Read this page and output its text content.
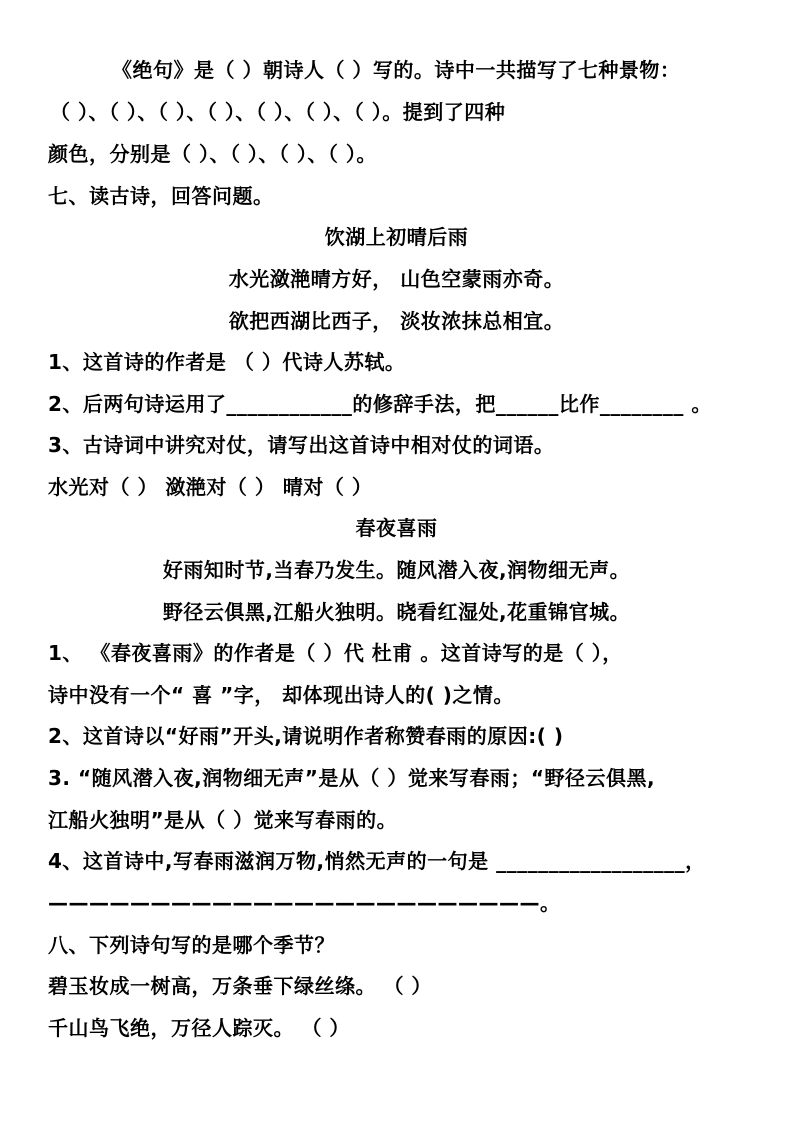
《绝句》是（ ）朝诗人（ ）写的。诗中一共描写了七种景物：
（ ）、（ ）、（ ）、（ ）、（ ）、（ ）、（ ）。提到了四种
颜色，分别是（ ）、（ ）、（ ）、（ ）。
七、读古诗，回答问题。
饮湖上初晴后雨
水光潋滟晴方好， 山色空蒙雨亦奇。
欲把西湖比西子， 淡妆浓抹总相宜。
1、这首诗的作者是 （ ）代诗人苏轼。
2、后两句诗运用了____________的修辞手法，把______比作________ 。
3、古诗词中讲究对仗，请写出这首诗中相对仗的词语。
水光对（ ） 潋滟对（ ） 晴对（ ）
春夜喜雨
好雨知时节,当春乃发生。随风潜入夜,润物细无声。
野径云俱黑,江船火独明。晓看红湿处,花重锦官城。
1、 《春夜喜雨》的作者是（ ）代 杜甫 。这首诗写的是（ ），
诗中没有一个“ 喜 ”字， 却体现出诗人的( )之情。
2、这首诗以“好雨”开头,请说明作者称赞春雨的原因:( )
3. “随风潜入夜,润物细无声”是从（ ）觉来写春雨；“野径云俱黑,
江船火独明”是从（ ）觉来写春雨的。
4、这首诗中,写春雨滋润万物,悄然无声的一句是 __________________，
————————————————————————。
八、下列诗句写的是哪个季节？
碧玉妆成一树高，万条垂下绿丝绦。 （ ）
千山鸟飞绝，万径人踪灭。 （ ）
